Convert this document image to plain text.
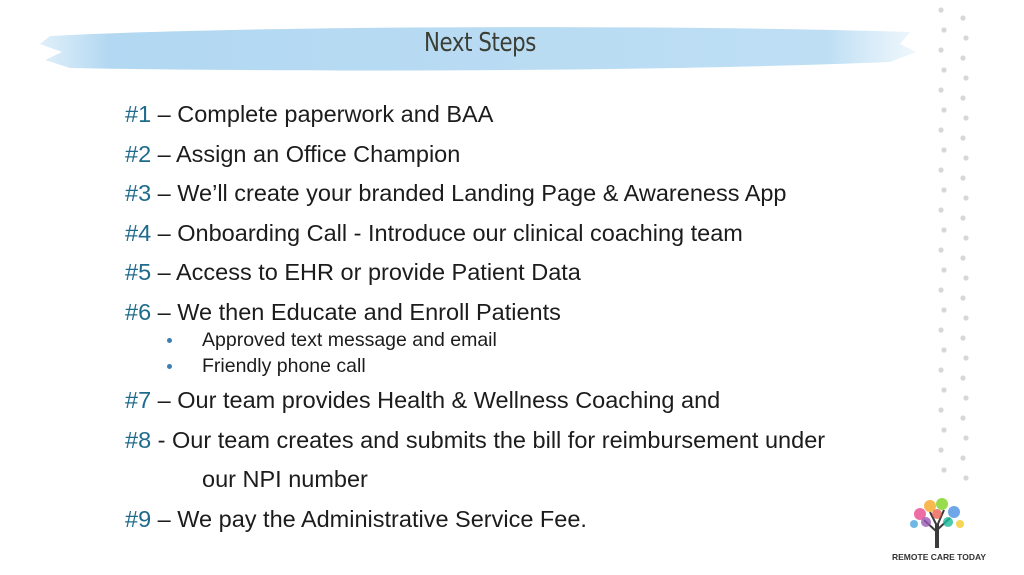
Next Steps
#1 – Complete paperwork and BAA
#2 – Assign an Office Champion
#3 – We’ll create your branded Landing Page & Awareness App
#4 – Onboarding Call - Introduce our clinical coaching team
#5 – Access to EHR or provide Patient Data
#6 – We then Educate and Enroll Patients
Approved text message and email
Friendly phone call
#7 – Our team provides Health & Wellness Coaching and
#8 - Our team creates and submits the bill for reimbursement under
our NPI number
#9 – We pay the Administrative Service Fee.
REMOTE CARE TODAY
